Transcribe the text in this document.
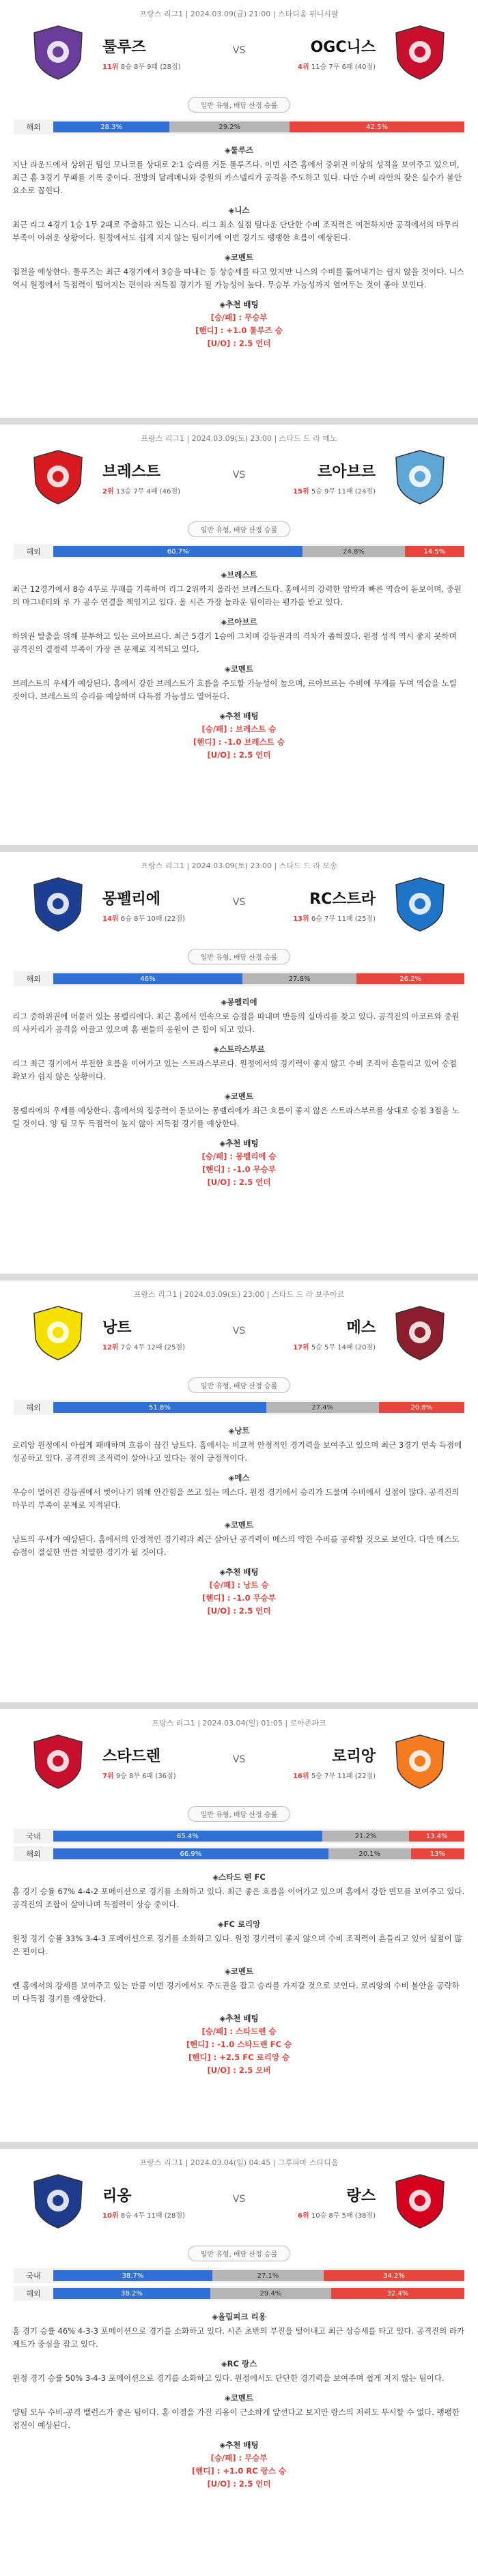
프랑스 리그1 | 2024.03.09(금) 21:00 | 스타디움 뮈니시팔
툴루즈
11위 8승 8무 9패 (28점)
VS	OGC니스
4위 11승 7무 6패 (40점)
일반 유형, 배당 산정 승률
해외	28.3%	29.2%	42.5%
◈툴루즈
지난 라운드에서 상위권 팀인 모나코를 상대로 2:1 승리를 거둔 툴루즈다. 이번 시즌 홈에서 중위권 이상의 성적을 보여주고 있으며, 최근 홈 3경기 무패를 기록 중이다. 전방의 달레메나와 중원의 카스넬리가 공격을 주도하고 있다. 다만 수비 라인의 잦은 실수가 불안 요소로 꼽힌다.
◈니스
최근 리그 4경기 1승 1무 2패로 주춤하고 있는 니스다. 리그 최소 실점 팀다운 단단한 수비 조직력은 여전하지만 공격에서의 마무리 부족이 아쉬운 상황이다. 원정에서도 쉽게 지지 않는 팀이기에 이번 경기도 팽팽한 흐름이 예상된다.
◈코멘트
접전을 예상한다. 툴루즈는 최근 4경기에서 3승을 따내는 등 상승세를 타고 있지만 니스의 수비를 뚫어내기는 쉽지 않을 것이다. 니스 역시 원정에서 득점력이 떨어지는 편이라 저득점 경기가 될 가능성이 높다. 무승부 가능성까지 열어두는 것이 좋아 보인다.
◈추천 배팅
[승/패] : 무승부
[핸디] : +1.0 툴루즈 승
[U/O] : 2.5 언더
프랑스 리그1 | 2024.03.09(토) 23:00 | 스타드 드 라 메노
브레스트
2위 13승 7무 4패 (46점)
VS	르아브르
15위 5승 9무 11패 (24점)
일반 유형, 배당 산정 승률
해외	60.7%	24.8%	14.5%
◈브레스트
최근 12경기에서 8승 4무로 무패를 기록하며 리그 2위까지 올라선 브레스트다. 홈에서의 강력한 압박과 빠른 역습이 돋보이며, 중원의 마그네티와 루 가 공수 연결을 책임지고 있다. 올 시즌 가장 놀라운 팀이라는 평가를 받고 있다.
◈르아브르
하위권 탈출을 위해 분투하고 있는 르아브르다. 최근 5경기 1승에 그치며 강등권과의 격차가 좁혀졌다. 원정 성적 역시 좋지 못하며 공격진의 결정력 부족이 가장 큰 문제로 지적되고 있다.
◈코멘트
브레스트의 우세가 예상된다. 홈에서 강한 브레스트가 흐름을 주도할 가능성이 높으며, 르아브르는 수비에 무게를 두며 역습을 노릴 것이다. 브레스트의 승리를 예상하며 다득점 가능성도 열어둔다.
◈추천 배팅
[승/패] : 브레스트 승
[핸디] : -1.0 브레스트 승
[U/O] : 2.5 언더
프랑스 리그1 | 2024.03.09(토) 23:00 | 스타드 드 라 모송
몽펠리에
14위 6승 8무 10패 (22점)
VS	RC스트라
13위 6승 7무 11패 (25점)
일반 유형, 배당 산정 승률
해외	46%	27.8%	26.2%
◈몽펠리에
리그 중하위권에 머물러 있는 몽펠리에다. 최근 홈에서 연속으로 승점을 따내며 반등의 실마리를 찾고 있다. 공격진의 아코르와 중원의 사카리가 공격을 이끌고 있으며 홈 팬들의 응원이 큰 힘이 되고 있다.
◈스트라스부르
리그 최근 경기에서 부진한 흐름을 이어가고 있는 스트라스부르다. 원정에서의 경기력이 좋지 않고 수비 조직이 흔들리고 있어 승점 확보가 쉽지 않은 상황이다.
◈코멘트
몽펠리에의 우세를 예상한다. 홈에서의 집중력이 돋보이는 몽펠리에가 최근 흐름이 좋지 않은 스트라스부르를 상대로 승점 3점을 노릴 것이다. 양 팀 모두 득점력이 높지 않아 저득점 경기를 예상한다.
◈추천 배팅
[승/패] : 몽펠리에 승
[핸디] : -1.0 무승부
[U/O] : 2.5 언더
프랑스 리그1 | 2024.03.09(토) 23:00 | 스타드 드 라 보주아르
낭트
12위 7승 4무 12패 (25점)
VS	메스
17위 5승 5무 14패 (20점)
일반 유형, 배당 산정 승률
해외	51.8%	27.4%	20.8%
◈낭트
로리앙 원정에서 아쉽게 패배하며 흐름이 끊긴 낭트다. 홈에서는 비교적 안정적인 경기력을 보여주고 있으며 최근 3경기 연속 득점에 성공하고 있다. 공격진의 조직력이 살아나고 있다는 점이 긍정적이다.
◈메스
우승이 멀어진 강등권에서 벗어나기 위해 안간힘을 쓰고 있는 메스다. 원정 경기에서 승리가 드물며 수비에서 실점이 많다. 공격진의 마무리 부족이 문제로 지적된다.
◈코멘트
낭트의 우세가 예상된다. 홈에서의 안정적인 경기력과 최근 살아난 공격력이 메스의 약한 수비를 공략할 것으로 보인다. 다만 메스도 승점이 절실한 만큼 치열한 경기가 될 것이다.
◈추천 배팅
[승/패] : 낭트 승
[핸디] : -1.0 무승부
[U/O] : 2.5 언더
프랑스 리그1 | 2024.03.04(일) 01:05 | 로아존파크
스타드렌
7위 9승 8무 6패 (36점)
VS	로리앙
16위 5승 7무 11패 (22점)
일반 유형, 배당 산정 승률
국내	65.4%	21.2%	13.4%
해외	66.9%	20.1%	13%
◈스타드 렌 FC
홈 경기 승률 67% 4-4-2 포메이션으로 경기를 소화하고 있다. 최근 좋은 흐름을 이어가고 있으며 홈에서 강한 면모를 보여주고 있다. 공격진의 조합이 살아나며 득점력이 상승 중이다.
◈FC 로리앙
원정 경기 승률 33% 3-4-3 포메이션으로 경기를 소화하고 있다. 원정 경기력이 좋지 않으며 수비 조직력이 흔들리고 있어 실점이 많은 편이다.
◈코멘트
렌 홈에서의 강세를 보여주고 있는 만큼 이번 경기에서도 주도권을 잡고 승리를 가져갈 것으로 보인다. 로리앙의 수비 불안을 공략하며 다득점 경기를 예상한다.
◈추천 배팅
[승/패] : 스타드렌 승
[핸디] : -1.0 스타드렌 FC 승
[핸디] : +2.5 FC 로리앙 승
[U/O] : 2.5 오버
프랑스 리그1 | 2024.03.04(일) 04:45 | 그루파마 스타디움
리옹
10위 8승 4무 11패 (28점)
VS	랑스
6위 10승 8무 5패 (38점)
일반 유형, 배당 산정 승률
국내	38.7%	27.1%	34.2%
해외	38.2%	29.4%	32.4%
◈올림피크 리옹
홈 경기 승률 46% 4-3-3 포메이션으로 경기를 소화하고 있다. 시즌 초반의 부진을 털어내고 최근 상승세를 타고 있다. 공격진의 라카제트가 중심을 잡고 있다.
◈RC 랑스
원정 경기 승률 50% 3-4-3 포메이션으로 경기를 소화하고 있다. 원정에서도 단단한 경기력을 보여주며 쉽게 지지 않는 팀이다.
◈코멘트
양팀 모두 수비-공격 밸런스가 좋은 팀이다. 홈 이점을 가진 리옹이 근소하게 앞선다고 보지만 랑스의 저력도 무시할 수 없다. 팽팽한 접전이 예상된다.
◈추천 배팅
[승/패] : 무승부
[핸디] : +1.0 RC 랑스 승
[U/O] : 2.5 언더
